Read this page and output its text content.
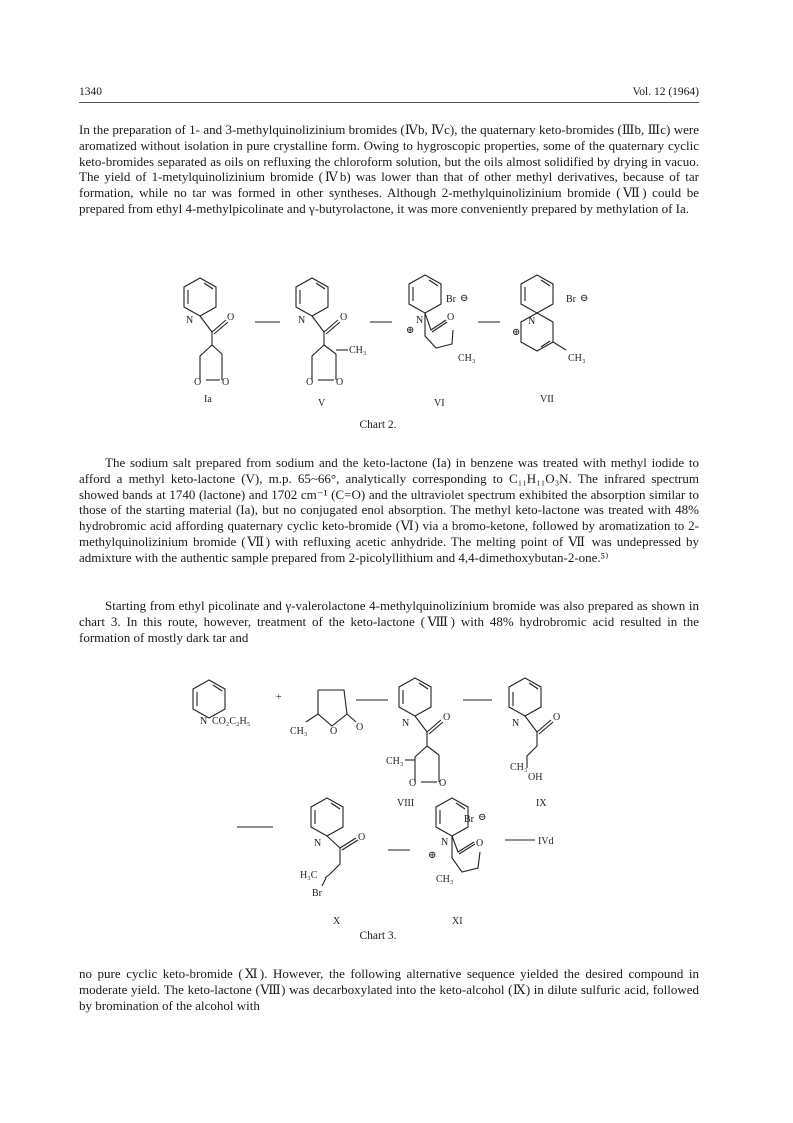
1340	Vol. 12 (1964)

In the preparation of 1- and 3-methylquinolizinium bromides (Ⅳb, Ⅳc), the quaternary keto-bromides (Ⅲb, Ⅲc) were aromatized without isolation in pure crystalline form. Owing to hygroscopic properties, some of the quaternary cyclic keto-bromides separated as oils on refluxing the chloroform solution, but the oils almost solidified by drying in vacuo. The yield of 1-metylquinolizinium bromide (Ⅳb) was lower than that of other methyl derivatives, because of tar formation, while no tar was formed in other syntheses. Although 2-methylquinolizinium bromide (Ⅶ) could be prepared from ethyl 4-methylpicolinate and γ-butyrolactone, it was more conveniently prepared by methylation of Ia.

N	O
O O
N	O
O O
CH₃
N O
Br ⊖
⊕
CH₃
N
Br ⊖
⊕
CH₃
Ia	V	VI	VII
Chart 2.

The sodium salt prepared from sodium and the keto-lactone (Ia) in benzene was treated with methyl iodide to afford a methyl keto-lactone (V), m.p. 65~66°, analytically corresponding to C₁₁H₁₁O₃N. The infrared spectrum showed bands at 1740 (lactone) and 1702 cm⁻¹ (C=O) and the ultraviolet spectrum exhibited the absorption similar to those of the starting material (Ia), but no conjugated enol absorption. The methyl keto-lactone was treated with 48% hydrobromic acid affording quaternary cyclic keto-bromide (Ⅵ) via a bromo-ketone, followed by aromatization to 2-methylquinolizinium bromide (Ⅶ) with refluxing acetic anhydride. The melting point of Ⅶ was undepressed by admixture with the authentic sample prepared from 2-picolyllithium and 4,4-dimethoxybutan-2-one.⁵⁾

Starting from ethyl picolinate and γ-valerolactone 4-methylquinolizinium bromide was also prepared as shown in chart 3. In this route, however, treatment of the keto-lactone (Ⅷ) with 48% hydrobromic acid resulted in the formation of mostly dark tar and

N CO₂C₂H₅
+
CH₃ O O	N
O
CH₃
O O
N
O
CH₃
OH
N
O
H₃C
Br
Br ⊖
N
⊕
O
CH₃
IVd
VIII	IX
X	XI
Chart 3.

no pure cyclic keto-bromide (Ⅺ). However, the following alternative sequence yielded the desired compound in moderate yield. The keto-lactone (Ⅷ) was decarboxylated into the keto-alcohol (Ⅸ) in dilute sulfuric acid, followed by bromination of the alcohol with
